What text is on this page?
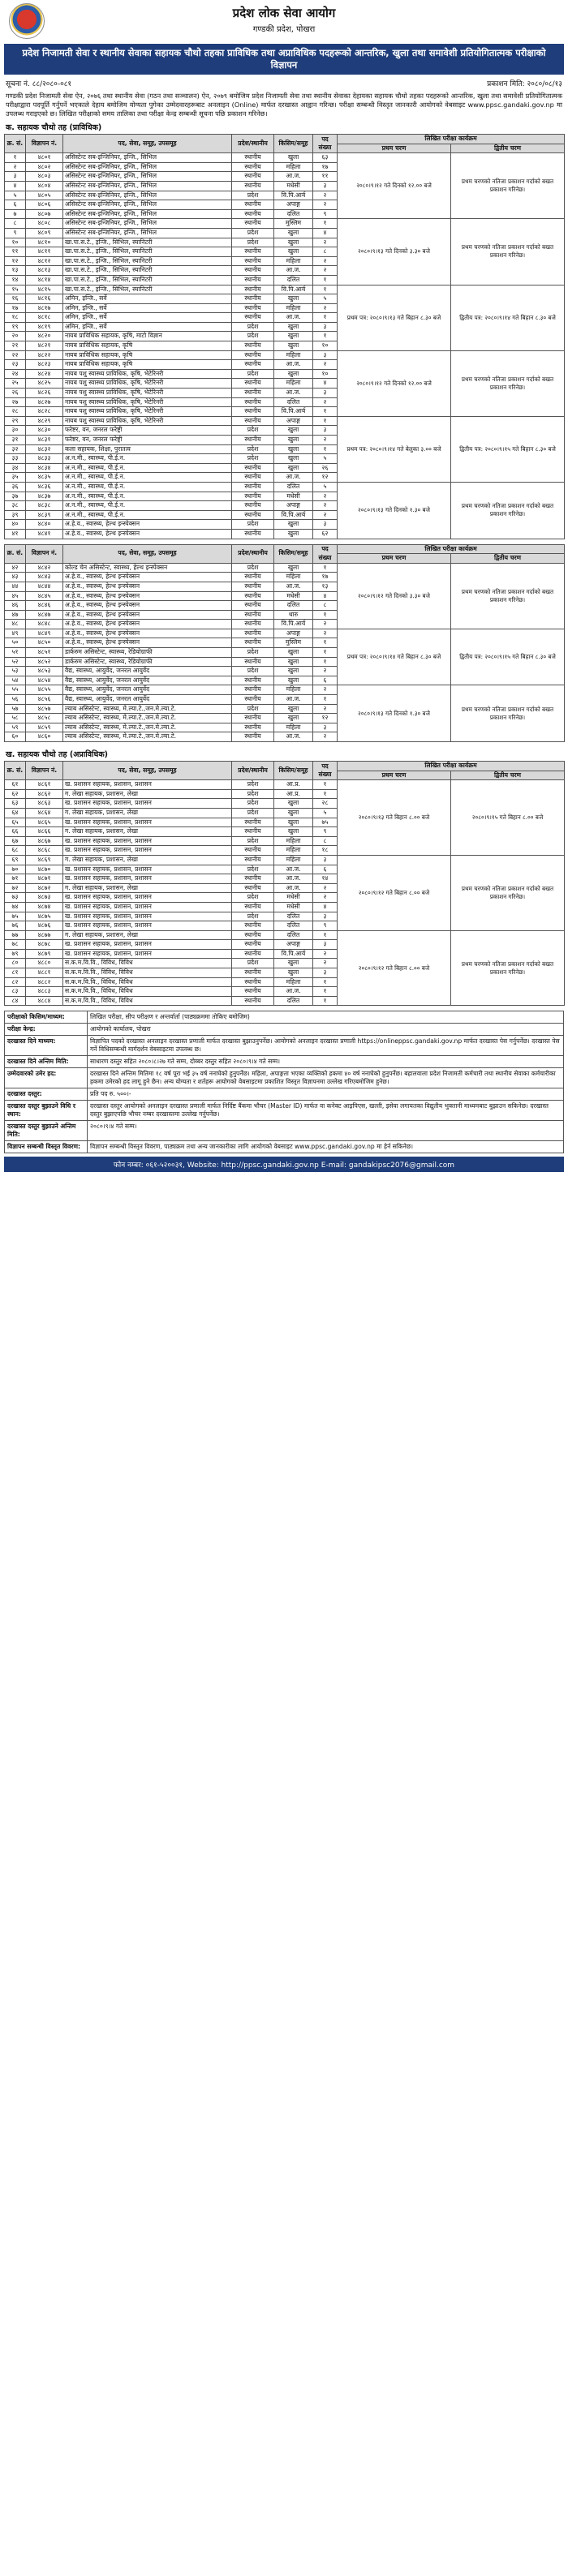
प्रदेश लोक सेवा आयोग
गण्डकी प्रदेश, पोखरा
प्रदेश निजामती सेवा र स्थानीय सेवाका सहायक चौथो तहका प्राविधिक तथा अप्राविधिक पदहरूको आन्तरिक, खुला तथा समावेशी प्रतियोगितात्मक परीक्षाको विज्ञापन
सूचना नं. ८८/२०८०-०८१	प्रकाशन मिति: २०८०/०८/१३
गण्डकी प्रदेश निजामती सेवा ऐन, २०७६ तथा स्थानीय सेवा (गठन तथा सञ्चालन) ऐन, २०७९ बमोजिम प्रदेश निजामती सेवा तथा स्थानीय सेवाका देहायका सहायक चौथो तहका पदहरूको आन्तरिक, खुला तथा समावेशी प्रतियोगितात्मक परीक्षाद्वारा पदपूर्ति गर्नुपर्ने भएकाले देहाय बमोजिम योग्यता पुगेका उम्मेदवारहरूबाट अनलाइन (Online) मार्फत दरखास्त आह्वान गरिन्छ। परीक्षा सम्बन्धी विस्तृत जानकारी आयोगको वेबसाइट www.ppsc.gandaki.gov.np मा उपलब्ध गराइएको छ। लिखित परीक्षाको समय तालिका तथा परीक्षा केन्द्र सम्बन्धी सूचना पछि प्रकाशन गरिनेछ।
क. सहायक चौथो तह (प्राविधिक)
क्र. सं.	विज्ञापन नं.	पद, सेवा, समूह, उपसमूह	प्रदेश/स्थानीय	किसिम/समूह	पद संख्या	लिखित परीक्षा कार्यक्रम	
						प्रथम चरण	द्वितीय चरण
१	४८०१	असिस्टेन्ट सब-इन्जिनियर, इन्जि., सिभिल	स्थानीय	खुला	६३	२०८०।९।१२ गते दिनको १२.०० बजे	प्रथम चरणको नतिजा प्रकाशन गर्दाको बखत प्रकाशन गरिनेछ।
२	४८०२	असिस्टेन्ट सब-इन्जिनियर, इन्जि., सिभिल	स्थानीय	महिला	१७		
३	४८०३	असिस्टेन्ट सब-इन्जिनियर, इन्जि., सिभिल	स्थानीय	आ.ज.	११		
४	४८०४	असिस्टेन्ट सब-इन्जिनियर, इन्जि., सिभिल	स्थानीय	मधेसी	३		
५	४८०५	असिस्टेन्ट सब-इन्जिनियर, इन्जि., सिभिल	प्रदेश	वि.पि.आर्य	२		
६	४८०६	असिस्टेन्ट सब-इन्जिनियर, इन्जि., सिभिल	स्थानीय	अपाङ्ग	२		
७	४८०७	असिस्टेन्ट सब-इन्जिनियर, इन्जि., सिभिल	स्थानीय	दलित	९		
८	४८०८	असिस्टेन्ट सब-इन्जिनियर, इन्जि., सिभिल	स्थानीय	मुस्लिम	१	२०८०।९।१३ गते दिनको ३.३० बजे	प्रथम चरणको नतिजा प्रकाशन गर्दाको बखत प्रकाशन गरिनेछ।
९	४८०९	असिस्टेन्ट सब-इन्जिनियर, इन्जि., सिभिल	प्रदेश	खुला	४		
१०	४८१०	खा.पा.स.टे., इन्जि., सिभिल, स्यानिटरी	प्रदेश	खुला	२		
११	४८११	खा.पा.स.टे., इन्जि., सिभिल, स्यानिटरी	स्थानीय	खुला	८		
१२	४८१२	खा.पा.स.टे., इन्जि., सिभिल, स्यानिटरी	स्थानीय	महिला	२		
१३	४८१३	खा.पा.स.टे., इन्जि., सिभिल, स्यानिटरी	स्थानीय	आ.ज.	२		
१४	४८१४	खा.पा.स.टे., इन्जि., सिभिल, स्यानिटरी	स्थानीय	दलित	१		
१५	४८१५	खा.पा.स.टे., इन्जि., सिभिल, स्यानिटरी	स्थानीय	वि.पि.आर्य	१	प्रथम पत्र: २०८०।९।१३ गते बिहान ८.३० बजे	द्वितीय पत्र: २०८०।९।१४ गते बिहान ८.३० बजे
१६	४८१६	अमिन, इन्जि., सर्वे	स्थानीय	खुला	५		
१७	४८१७	अमिन, इन्जि., सर्वे	स्थानीय	महिला	२		
१८	४८१८	अमिन, इन्जि., सर्वे	स्थानीय	आ.ज.	१		
१९	४८१९	अमिन, इन्जि., सर्वे	प्रदेश	खुला	३		
२०	४८२०	नायब प्राविधिक सहायक, कृषि, माटो विज्ञान	प्रदेश	खुला	१		
२१	४८२१	नायब प्राविधिक सहायक, कृषि	स्थानीय	खुला	१०		
२२	४८२२	नायब प्राविधिक सहायक, कृषि	स्थानीय	महिला	३	२०८०।९।१२ गते दिनको १२.०० बजे	प्रथम चरणको नतिजा प्रकाशन गर्दाको बखत प्रकाशन गरिनेछ।
२३	४८२३	नायब प्राविधिक सहायक, कृषि	स्थानीय	आ.ज.	२		
२४	४८२४	नायब पशु स्वास्थ्य प्राविधिक, कृषि, भेटेरिनरी	प्रदेश	खुला	१०		
२५	४८२५	नायब पशु स्वास्थ्य प्राविधिक, कृषि, भेटेरिनरी	स्थानीय	महिला	४		
२६	४८२६	नायब पशु स्वास्थ्य प्राविधिक, कृषि, भेटेरिनरी	स्थानीय	आ.ज.	३		
२७	४८२७	नायब पशु स्वास्थ्य प्राविधिक, कृषि, भेटेरिनरी	स्थानीय	दलित	२		
२८	४८२८	नायब पशु स्वास्थ्य प्राविधिक, कृषि, भेटेरिनरी	स्थानीय	वि.पि.आर्य	१		
२९	४८२९	नायब पशु स्वास्थ्य प्राविधिक, कृषि, भेटेरिनरी	स्थानीय	अपाङ्ग	१	प्रथम पत्र: २०८०।९।१४ गते बेलुका ३.०० बजे	द्वितीय पत्र: २०८०।९।१५ गते बिहान ८.३० बजे
३०	४८३०	फरेष्टर, वन, जनरल फरेष्ट्री	प्रदेश	खुला	३		
३१	४८३१	फरेष्टर, वन, जनरल फरेष्ट्री	स्थानीय	खुला	२		
३२	४८३२	कला सहायक, शिक्षा, पुरातत्व	प्रदेश	खुला	१		
३३	४८३३	अ.न.मी., स्वास्थ्य, पी.ई.न.	प्रदेश	खुला	५		
३४	४८३४	अ.न.मी., स्वास्थ्य, पी.ई.न.	स्थानीय	खुला	२६		
३५	४८३५	अ.न.मी., स्वास्थ्य, पी.ई.न.	स्थानीय	आ.ज.	१२		
३६	४८३६	अ.न.मी., स्वास्थ्य, पी.ई.न.	स्थानीय	दलित	५	२०८०।९।१३ गते दिनको १.३० बजे	प्रथम चरणको नतिजा प्रकाशन गर्दाको बखत प्रकाशन गरिनेछ।
३७	४८३७	अ.न.मी., स्वास्थ्य, पी.ई.न.	स्थानीय	मधेसी	२		
३८	४८३८	अ.न.मी., स्वास्थ्य, पी.ई.न.	स्थानीय	अपाङ्ग	२		
३९	४८३९	अ.न.मी., स्वास्थ्य, पी.ई.न.	स्थानीय	वि.पि.आर्य	२		
४०	४८४०	अ.हे.व., स्वास्थ्य, हेल्थ इन्स्पेक्सन	प्रदेश	खुला	३		
४१	४८४१	अ.हे.व., स्वास्थ्य, हेल्थ इन्स्पेक्सन	स्थानीय	खुला	६२		
क्र. सं.	विज्ञापन नं.	पद, सेवा, समूह, उपसमूह	प्रदेश/स्थानीय	किसिम/समूह	पद संख्या	लिखित परीक्षा कार्यक्रम	
						प्रथम चरण	द्वितीय चरण
४२	४८४२	कोल्ड चेन असिस्टेन्ट, स्वास्थ्य, हेल्थ इन्स्पेक्सन	प्रदेश	खुला	१	२०८०।९।१२ गते दिनको ३.३० बजे	प्रथम चरणको नतिजा प्रकाशन गर्दाको बखत प्रकाशन गरिनेछ।
४३	४८४३	अ.हे.व., स्वास्थ्य, हेल्थ इन्स्पेक्सन	स्थानीय	महिला	१७		
४४	४८४४	अ.हे.व., स्वास्थ्य, हेल्थ इन्स्पेक्सन	स्थानीय	आ.ज.	१३		
४५	४८४५	अ.हे.व., स्वास्थ्य, हेल्थ इन्स्पेक्सन	स्थानीय	मधेसी	४		
४६	४८४६	अ.हे.व., स्वास्थ्य, हेल्थ इन्स्पेक्सन	स्थानीय	दलित	८		
४७	४८४७	अ.हे.व., स्वास्थ्य, हेल्थ इन्स्पेक्सन	स्थानीय	थारु	१		
४८	४८४८	अ.हे.व., स्वास्थ्य, हेल्थ इन्स्पेक्सन	स्थानीय	वि.पि.आर्य	२		
४९	४८४९	अ.हे.व., स्वास्थ्य, हेल्थ इन्स्पेक्सन	स्थानीय	अपाङ्ग	२	प्रथम पत्र: २०८०।९।१४ गते बिहान ८.३० बजे	द्वितीय पत्र: २०८०।९।१५ गते बिहान ८.३० बजे
५०	४८५०	अ.हे.व., स्वास्थ्य, हेल्थ इन्स्पेक्सन	स्थानीय	मुस्लिम	१		
५१	४८५१	डार्करुम असिस्टेन्ट, स्वास्थ्य, रेडियोग्राफी	प्रदेश	खुला	१		
५२	४८५२	डार्करुम असिस्टेन्ट, स्वास्थ्य, रेडियोग्राफी	स्थानीय	खुला	१		
५३	४८५३	वैद्य, स्वास्थ्य, आयुर्वेद, जनरल आयुर्वेद	प्रदेश	खुला	२		
५४	४८५४	वैद्य, स्वास्थ्य, आयुर्वेद, जनरल आयुर्वेद	स्थानीय	खुला	६		
५५	४८५५	वैद्य, स्वास्थ्य, आयुर्वेद, जनरल आयुर्वेद	स्थानीय	महिला	२	२०८०।९।१३ गते दिनको १.३० बजे	प्रथम चरणको नतिजा प्रकाशन गर्दाको बखत प्रकाशन गरिनेछ।
५६	४८५६	वैद्य, स्वास्थ्य, आयुर्वेद, जनरल आयुर्वेद	स्थानीय	आ.ज.	१		
५७	४८५७	ल्याब असिस्टेन्ट, स्वास्थ्य, मे.ल्या.टे.,जन.मे.ल्या.टे.	प्रदेश	खुला	२		
५८	४८५८	ल्याब असिस्टेन्ट, स्वास्थ्य, मे.ल्या.टे.,जन.मे.ल्या.टे.	स्थानीय	खुला	१२		
५९	४८५९	ल्याब असिस्टेन्ट, स्वास्थ्य, मे.ल्या.टे.,जन.मे.ल्या.टे.	स्थानीय	महिला	३		
६०	४८६०	ल्याब असिस्टेन्ट, स्वास्थ्य, मे.ल्या.टे.,जन.मे.ल्या.टे.	स्थानीय	आ.ज.	२		
ख. सहायक चौथो तह (अप्राविधिक)
क्र. सं.	विज्ञापन नं.	पद, सेवा, समूह, उपसमूह	प्रदेश/स्थानीय	किसिम/समूह	पद संख्या	लिखित परीक्षा कार्यक्रम	
						प्रथम चरण	द्वितीय चरण
६१	४८६१	ख. प्रशासन सहायक, प्रशासन, प्रशासन	प्रदेश	आ.प्र.	१	२०८०।९।१३ गते बिहान ८.०० बजे	२०८०।९।१५ गते बिहान ८.०० बजे
६२	४८६२	ग. लेखा सहायक, प्रशासन, लेखा	प्रदेश	आ.प्र.	१		
६३	४८६३	ख. प्रशासन सहायक, प्रशासन, प्रशासन	प्रदेश	खुला	२८		
६४	४८६४	ग. लेखा सहायक, प्रशासन, लेखा	प्रदेश	खुला	५		
६५	४८६५	ख. प्रशासन सहायक, प्रशासन, प्रशासन	स्थानीय	खुला	७५		
६६	४८६६	ग. लेखा सहायक, प्रशासन, लेखा	स्थानीय	खुला	९		
६७	४८६७	ख. प्रशासन सहायक, प्रशासन, प्रशासन	प्रदेश	महिला	८		
६८	४८६८	ख. प्रशासन सहायक, प्रशासन, प्रशासन	स्थानीय	महिला	१८		
६९	४८६९	ग. लेखा सहायक, प्रशासन, लेखा	स्थानीय	महिला	३	२०८०।९।१२ गते बिहान ८.०० बजे	प्रथम चरणको नतिजा प्रकाशन गर्दाको बखत प्रकाशन गरिनेछ।
७०	४८७०	ख. प्रशासन सहायक, प्रशासन, प्रशासन	प्रदेश	आ.ज.	६		
७१	४८७१	ख. प्रशासन सहायक, प्रशासन, प्रशासन	स्थानीय	आ.ज.	१४		
७२	४८७२	ग. लेखा सहायक, प्रशासन, लेखा	स्थानीय	आ.ज.	२		
७३	४८७३	ख. प्रशासन सहायक, प्रशासन, प्रशासन	प्रदेश	मधेसी	२		
७४	४८७४	ख. प्रशासन सहायक, प्रशासन, प्रशासन	स्थानीय	मधेसी	४		
७५	४८७५	ख. प्रशासन सहायक, प्रशासन, प्रशासन	प्रदेश	दलित	३		
७६	४८७६	ख. प्रशासन सहायक, प्रशासन, प्रशासन	स्थानीय	दलित	९		
७७	४८७७	ग. लेखा सहायक, प्रशासन, लेखा	स्थानीय	दलित	१	२०८०।९।१२ गते बिहान ८.०० बजे	प्रथम चरणको नतिजा प्रकाशन गर्दाको बखत प्रकाशन गरिनेछ।
७८	४८७८	ख. प्रशासन सहायक, प्रशासन, प्रशासन	स्थानीय	अपाङ्ग	३		
७९	४८७९	ख. प्रशासन सहायक, प्रशासन, प्रशासन	स्थानीय	वि.पि.आर्य	२		
८०	४८८०	स.क.म.वि.वि., विविध, विविध	प्रदेश	खुला	२		
८१	४८८१	स.क.म.वि.वि., विविध, विविध	स्थानीय	खुला	३		
८२	४८८२	स.क.म.वि.वि., विविध, विविध	स्थानीय	महिला	१		
८३	४८८३	स.क.म.वि.वि., विविध, विविध	स्थानीय	आ.ज.	१		
८४	४८८४	स.क.म.वि.वि., विविध, विविध	स्थानीय	दलित	१		
परीक्षाको किसिम/माध्यम:	लिखित परीक्षा, सीप परीक्षण र अन्तर्वार्ता (पाठ्यक्रममा तोकिए बमोजिम)
परीक्षा केन्द्र:	आयोगको कार्यालय, पोखरा
दरखास्त दिने माध्यम:	विज्ञापित पदको दरखास्त अनलाइन दरखास्त प्रणाली मार्फत दरखास्त बुझाउनुपर्नेछ। आयोगको अनलाइन दरखास्त प्रणाली https://onlineppsc.gandaki.gov.np मार्फत दरखास्त पेस गर्नुपर्नेछ। दरखास्त पेस गर्ने विधिसम्बन्धी मार्गदर्शन वेबसाइटमा उपलब्ध छ।
दरखास्त दिने अन्तिम मिति:	साधारण दस्तुर सहित २०८०।८।२७ गते सम्म, दोब्बर दस्तुर सहित २०८०।९।४ गते सम्म।
उम्मेदवारको उमेर हद:	दरखास्त दिने अन्तिम मितिमा १८ वर्ष पूरा भई ३५ वर्ष ननाघेको हुनुपर्नेछ। महिला, अपाङ्गता भएका व्यक्तिको हकमा ४० वर्ष ननाघेको हुनुपर्नेछ। बहालवाला प्रदेश निजामती कर्मचारी तथा स्थानीय सेवाका कर्मचारीका हकमा उमेरको हद लागू हुने छैन। अन्य योग्यता र शर्तहरू आयोगको वेबसाइटमा प्रकाशित विस्तृत विज्ञापनमा उल्लेख गरिएबमोजिम हुनेछ।
दरखास्त दस्तुर:	प्रति पद रु. ५००।-
दरखास्त दस्तुर बुझाउने विधि र स्थान:	दरखास्त दस्तुर आयोगको अनलाइन दरखास्त प्रणाली मार्फत निर्दिष्ट बैंकमा भौचर (Master ID) मार्फत वा कनेक्ट आइपिएस, खल्ती, इसेवा लगायतका विद्युतीय भुक्तानी माध्यमबाट बुझाउन सकिनेछ। दरखास्त दस्तुर बुझाएपछि भौचर नम्बर दरखास्तमा उल्लेख गर्नुपर्नेछ।
दरखास्त दस्तुर बुझाउने अन्तिम मिति:	२०८०।९।४ गते सम्म।
विज्ञापन सम्बन्धी विस्तृत विवरण:	विज्ञापन सम्बन्धी विस्तृत विवरण, पाठ्यक्रम तथा अन्य जानकारीका लागि आयोगको वेबसाइट www.ppsc.gandaki.gov.np मा हेर्न सकिनेछ।
फोन नम्बर: ०६१-५२००३१, Website: http://ppsc.gandaki.gov.np E-mail: gandakipsc2076@gmail.com
